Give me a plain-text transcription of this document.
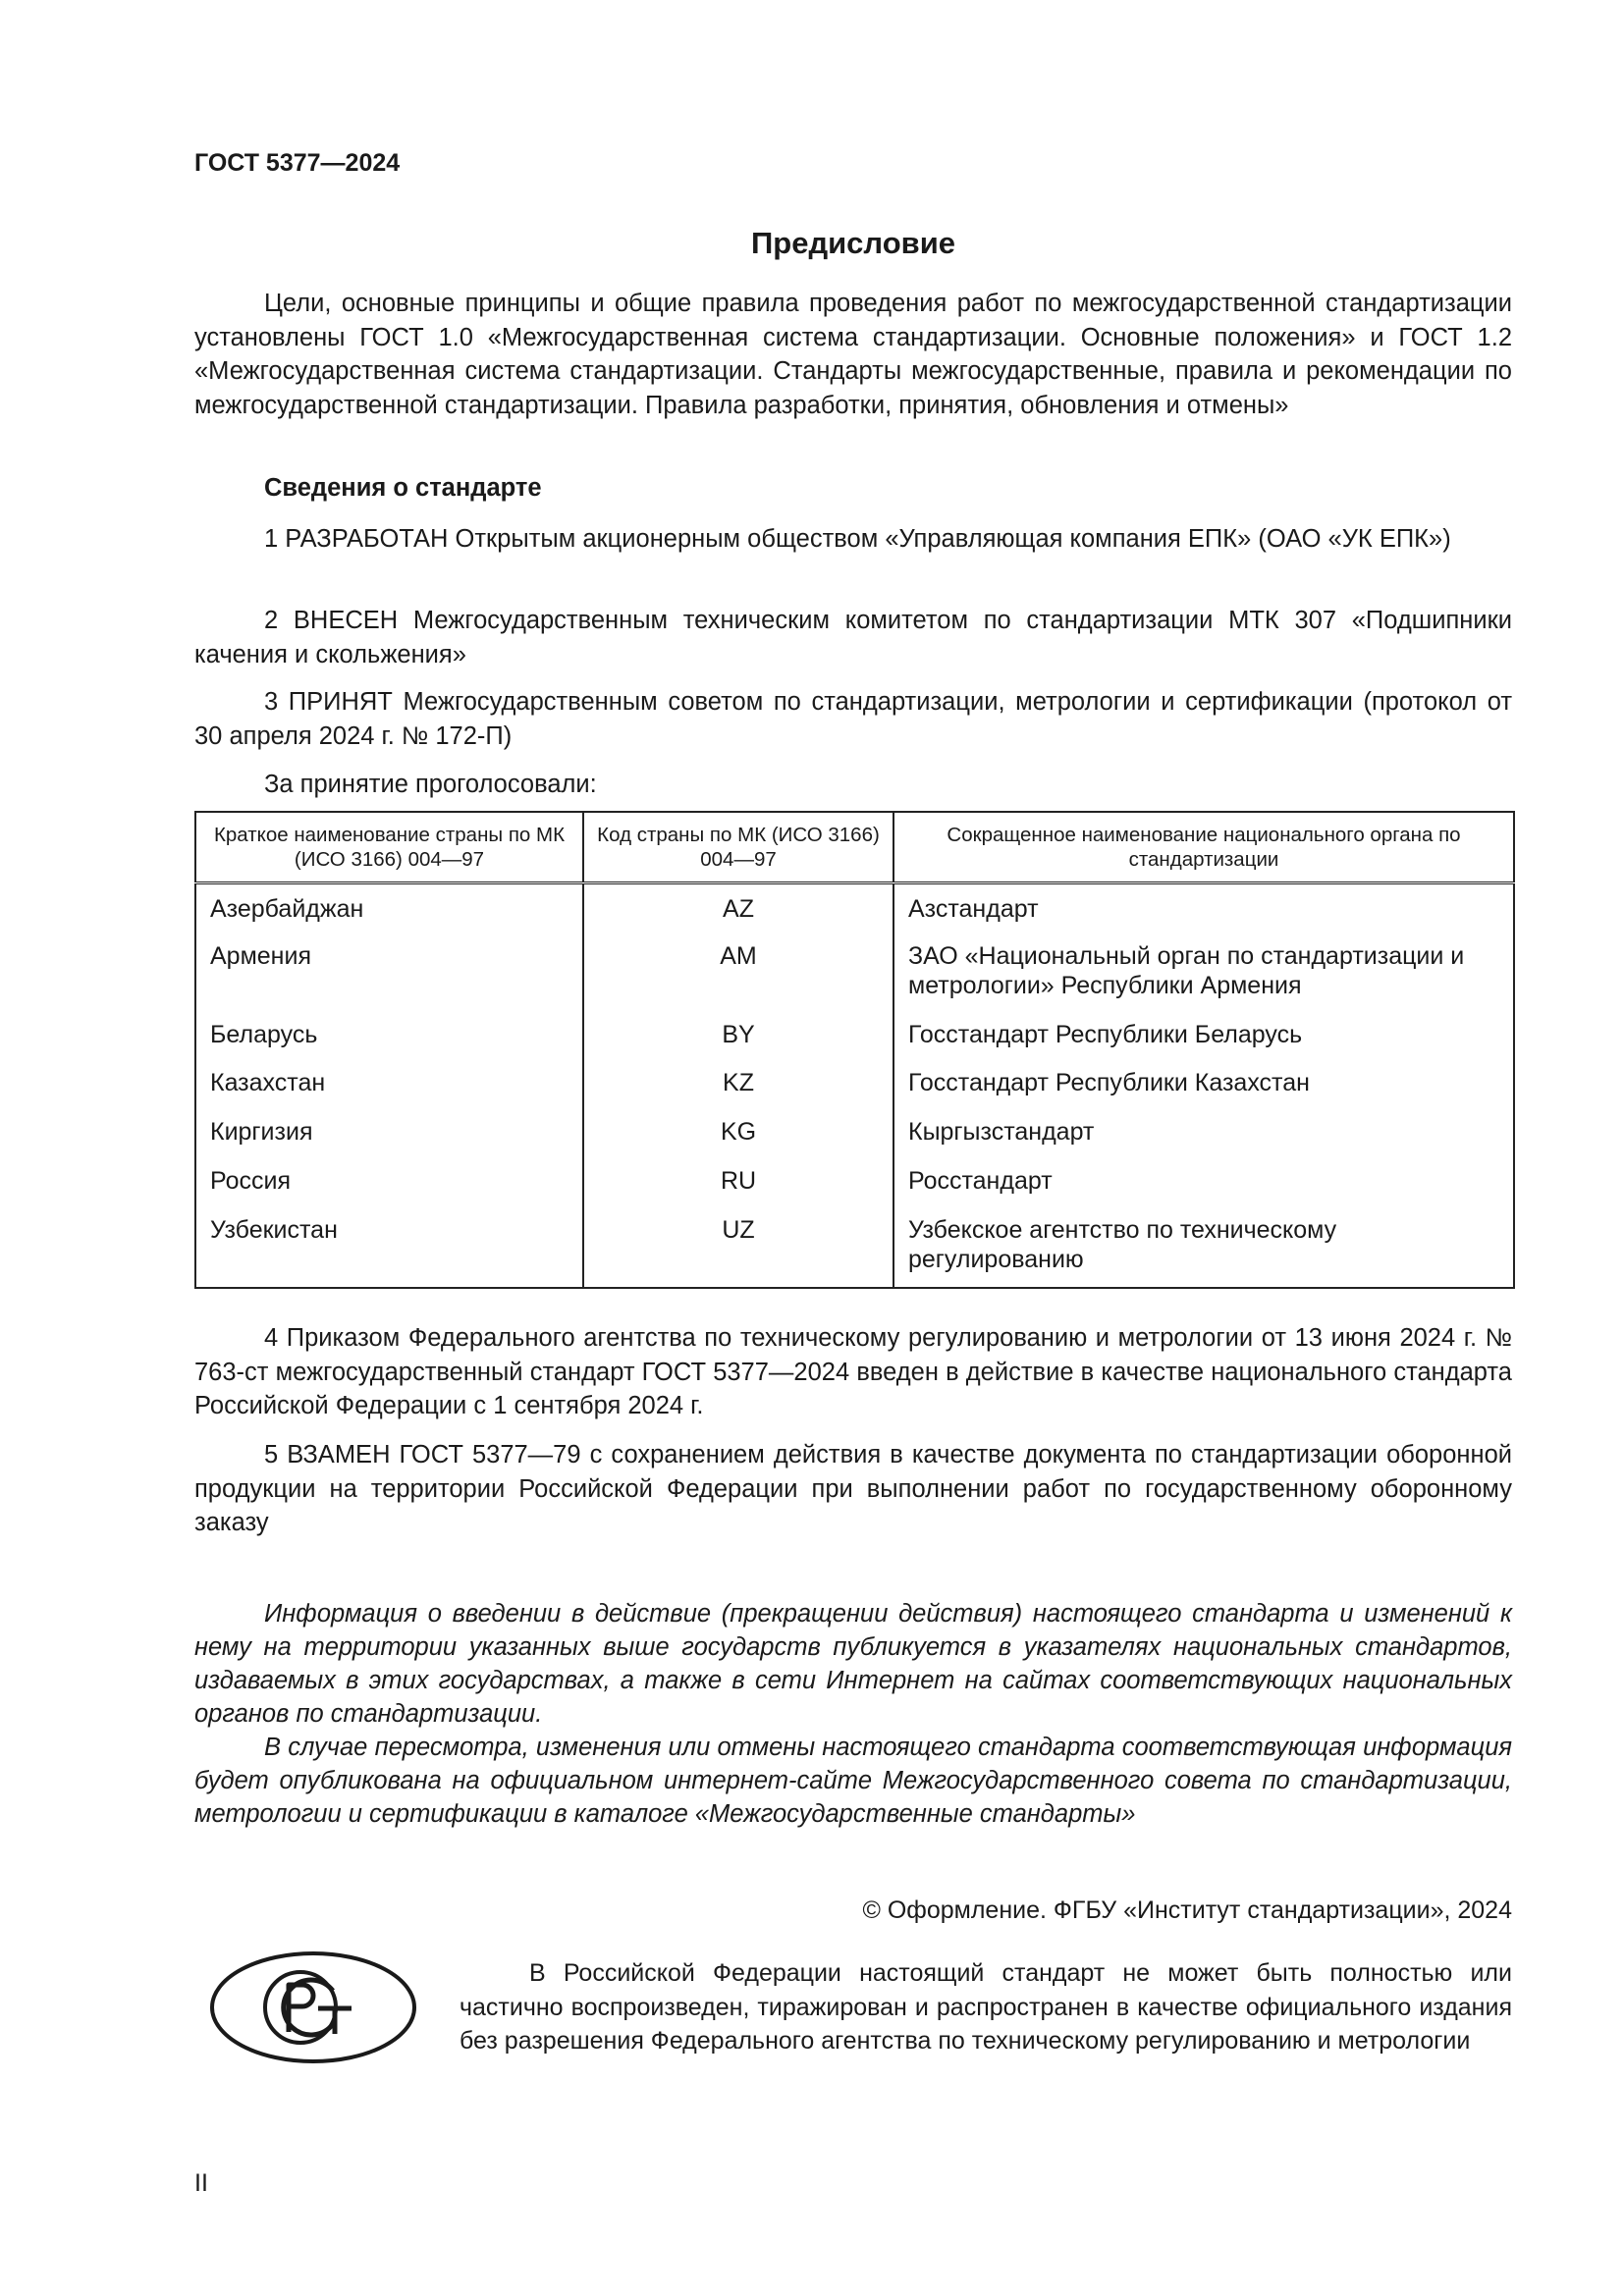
ГОСТ 5377—2024
Предисловие

Цели, основные принципы и общие правила проведения работ по межгосударственной стандартизации установлены ГОСТ 1.0 «Межгосударственная система стандартизации. Основные положения» и ГОСТ 1.2 «Межгосударственная система стандартизации. Стандарты межгосударственные, правила и рекомендации по межгосударственной стандартизации. Правила разработки, принятия, обновления и отмены»

Сведения о стандарте

1 РАЗРАБОТАН Открытым акционерным обществом «Управляющая компания ЕПК» (ОАО «УК ЕПК»)

2 ВНЕСЕН Межгосударственным техническим комитетом по стандартизации МТК 307 «Подшипники качения и скольжения»

3 ПРИНЯТ Межгосударственным советом по стандартизации, метрологии и сертификации (протокол от 30 апреля 2024 г. № 172-П)

За принятие проголосовали:
Краткое наименование страны по МК (ИСО 3166) 004—97	Код страны по МК (ИСО 3166) 004—97	Сокращенное наименование национального органа по стандартизации
Азербайджан	AZ	Азстандарт
Армения	AM	ЗАО «Национальный орган по стандартизации и метрологии» Республики Армения
Беларусь	BY	Госстандарт Республики Беларусь
Казахстан	KZ	Госстандарт Республики Казахстан
Киргизия	KG	Кыргызстандарт
Россия	RU	Росстандарт
Узбекистан	UZ	Узбекское агентство по техническому регулированию

4 Приказом Федерального агентства по техническому регулированию и метрологии от 13 июня 2024 г. № 763-ст межгосударственный стандарт ГОСТ 5377—2024 введен в действие в качестве национального стандарта Российской Федерации с 1 сентября 2024 г.

5 ВЗАМЕН ГОСТ 5377—79 с сохранением действия в качестве документа по стандартизации оборонной продукции на территории Российской Федерации при выполнении работ по государственному оборонному заказу

Информация о введении в действие (прекращении действия) настоящего стандарта и изменений к нему на территории указанных выше государств публикуется в указателях национальных стандартов, издаваемых в этих государствах, а также в сети Интернет на сайтах соответствующих национальных органов по стандартизации.

В случае пересмотра, изменения или отмены настоящего стандарта соответствующая информация будет опубликована на официальном интернет-сайте Межгосударственного совета по стандартизации, метрологии и сертификации в каталоге «Межгосударственные стандарты»

© Оформление. ФГБУ «Институт стандартизации», 2024

В Российской Федерации настоящий стандарт не может быть полностью или частично воспроизведен, тиражирован и распространен в качестве официального издания без разрешения Федерального агентства по техническому регулированию и метрологии

II
